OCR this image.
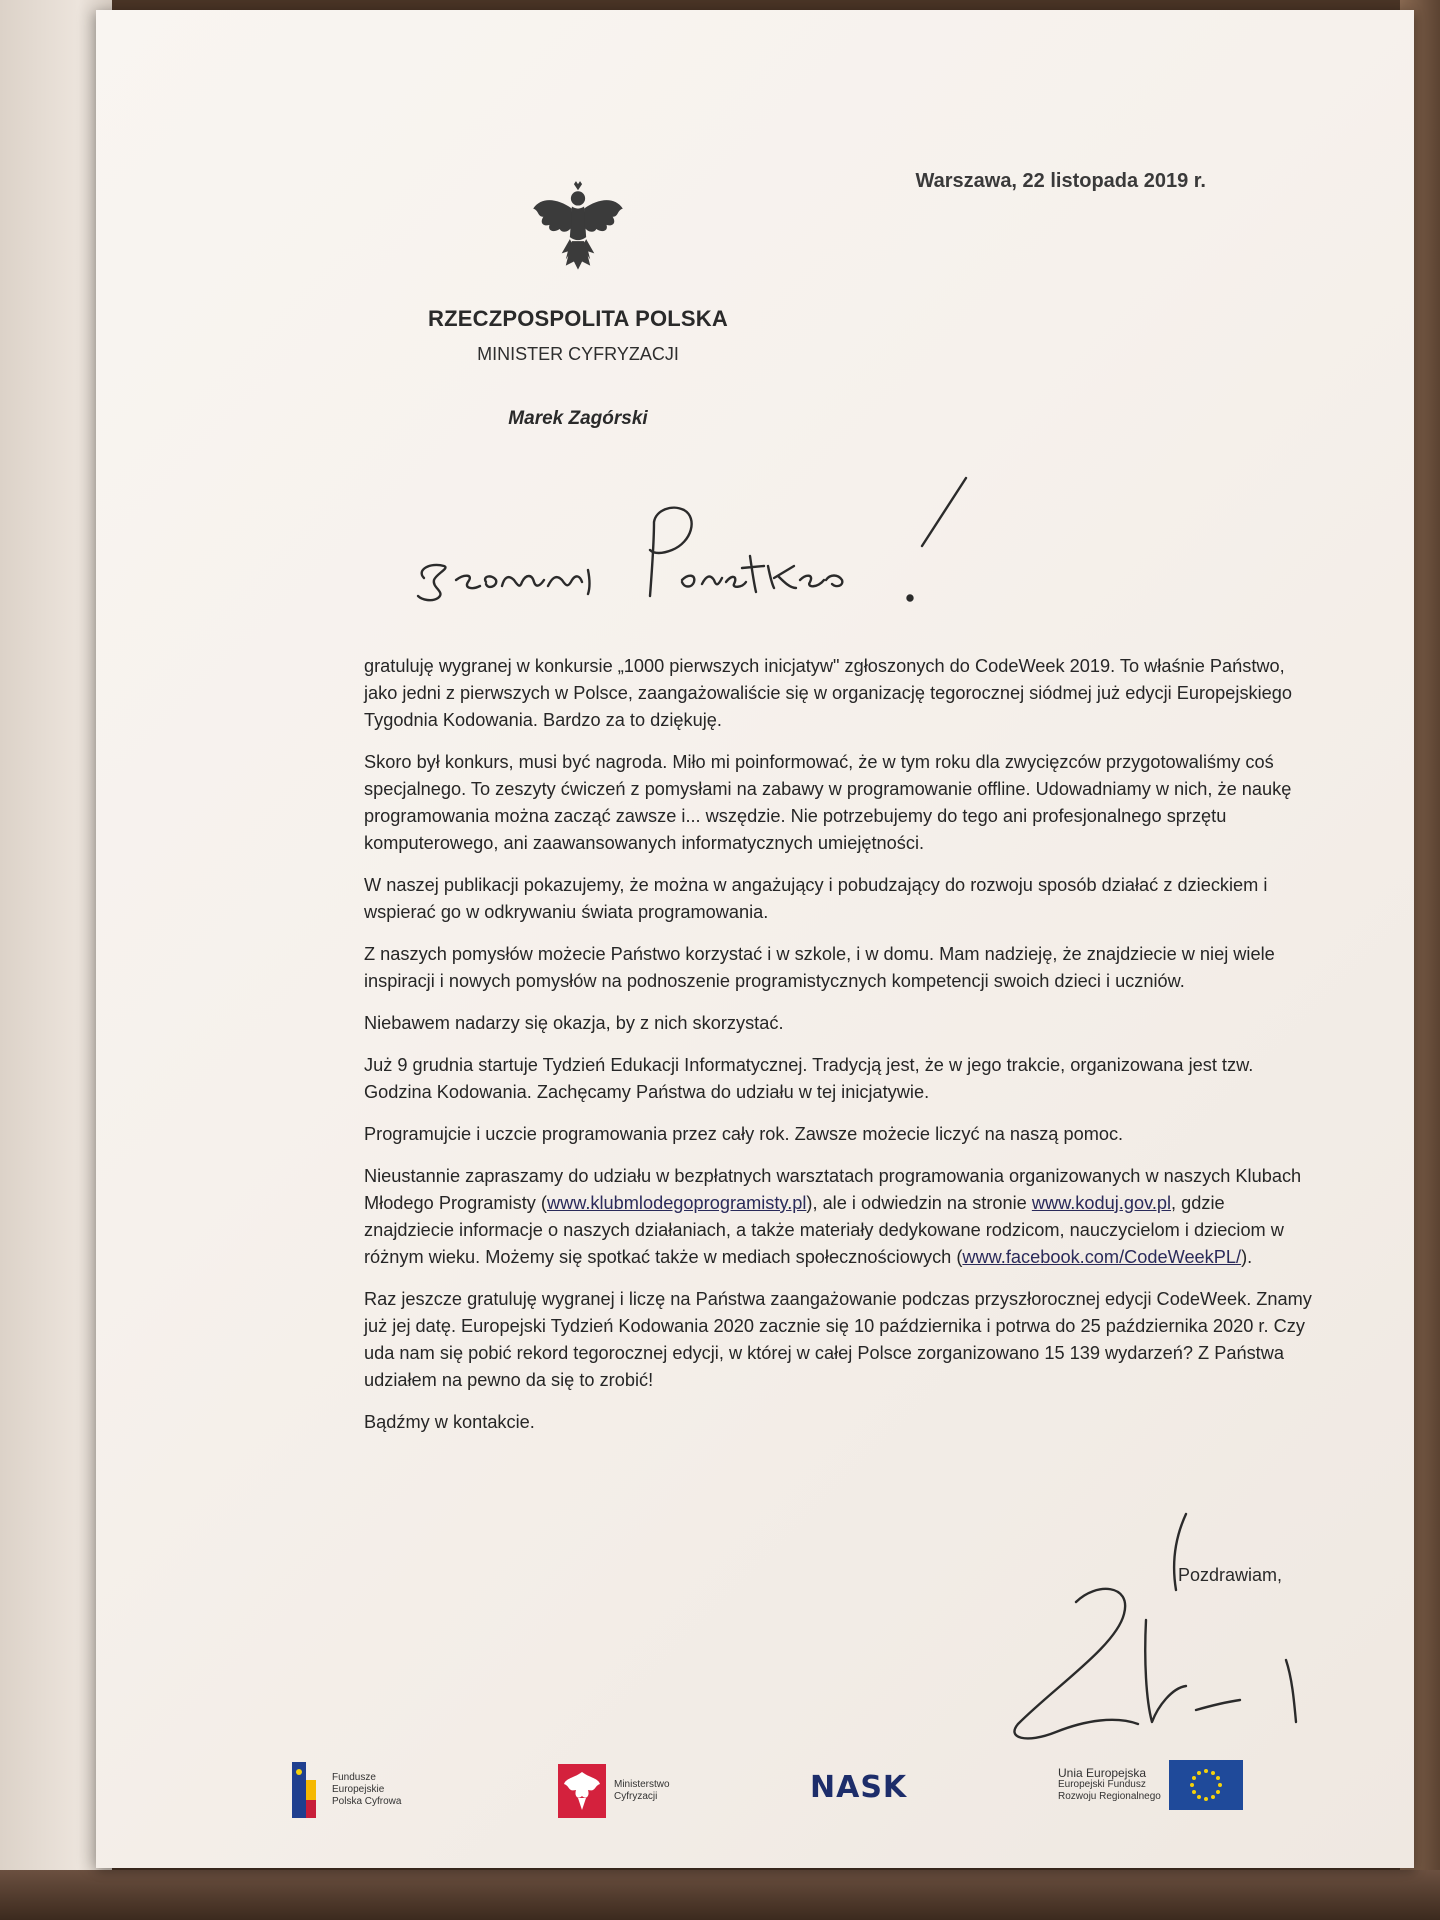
Warszawa, 22 listopada 2019 r.
RZECZPOSPOLITA POLSKA
MINISTER CYFRYZACJI
Marek Zagórski

gratuluję wygranej w konkursie „1000 pierwszych inicjatyw" zgłoszonych do CodeWeek 2019. To właśnie Państwo, jako jedni z pierwszych w Polsce, zaangażowaliście się w organizację tegorocznej siódmej już edycji Europejskiego Tygodnia Kodowania. Bardzo za to dziękuję.

Skoro był konkurs, musi być nagroda. Miło mi poinformować, że w tym roku dla zwycięzców przygotowaliśmy coś specjalnego. To zeszyty ćwiczeń z pomysłami na zabawy w programowanie offline. Udowadniamy w nich, że naukę programowania można zacząć zawsze i... wszędzie. Nie potrzebujemy do tego ani profesjonalnego sprzętu komputerowego, ani zaawansowanych informatycznych umiejętności.

W naszej publikacji pokazujemy, że można w angażujący i pobudzający do rozwoju sposób działać z dzieckiem i wspierać go w odkrywaniu świata programowania.

Z naszych pomysłów możecie Państwo korzystać i w szkole, i w domu. Mam nadzieję, że znajdziecie w niej wiele inspiracji i nowych pomysłów na podnoszenie programistycznych kompetencji swoich dzieci i uczniów.

Niebawem nadarzy się okazja, by z nich skorzystać.

Już 9 grudnia startuje Tydzień Edukacji Informatycznej. Tradycją jest, że w jego trakcie, organizowana jest tzw. Godzina Kodowania. Zachęcamy Państwa do udziału w tej inicjatywie.

Programujcie i uczcie programowania przez cały rok. Zawsze możecie liczyć na naszą pomoc.

Nieustannie zapraszamy do udziału w bezpłatnych warsztatach programowania organizowanych w naszych Klubach Młodego Programisty (www.klubmlodegoprogramisty.pl), ale i odwiedzin na stronie www.koduj.gov.pl, gdzie znajdziecie informacje o naszych działaniach, a także materiały dedykowane rodzicom, nauczycielom i dzieciom w różnym wieku. Możemy się spotkać także w mediach społecznościowych (www.facebook.com/CodeWeekPL/).

Raz jeszcze gratuluję wygranej i liczę na Państwa zaangażowanie podczas przyszłorocznej edycji CodeWeek. Znamy już jej datę. Europejski Tydzień Kodowania 2020 zacznie się 10 października i potrwa do 25 października 2020 r. Czy uda nam się pobić rekord tegorocznej edycji, w której w całej Polsce zorganizowano 15 139 wydarzeń? Z Państwa udziałem na pewno da się to zrobić!

Bądźmy w kontakcie.

Pozdrawiam,
Fundusze
Europejskie
Polska Cyfrowa
Ministerstwo
Cyfryzacji	NASK	Unia Europejska
Europejski Fundusz
Rozwoju Regionalnego
